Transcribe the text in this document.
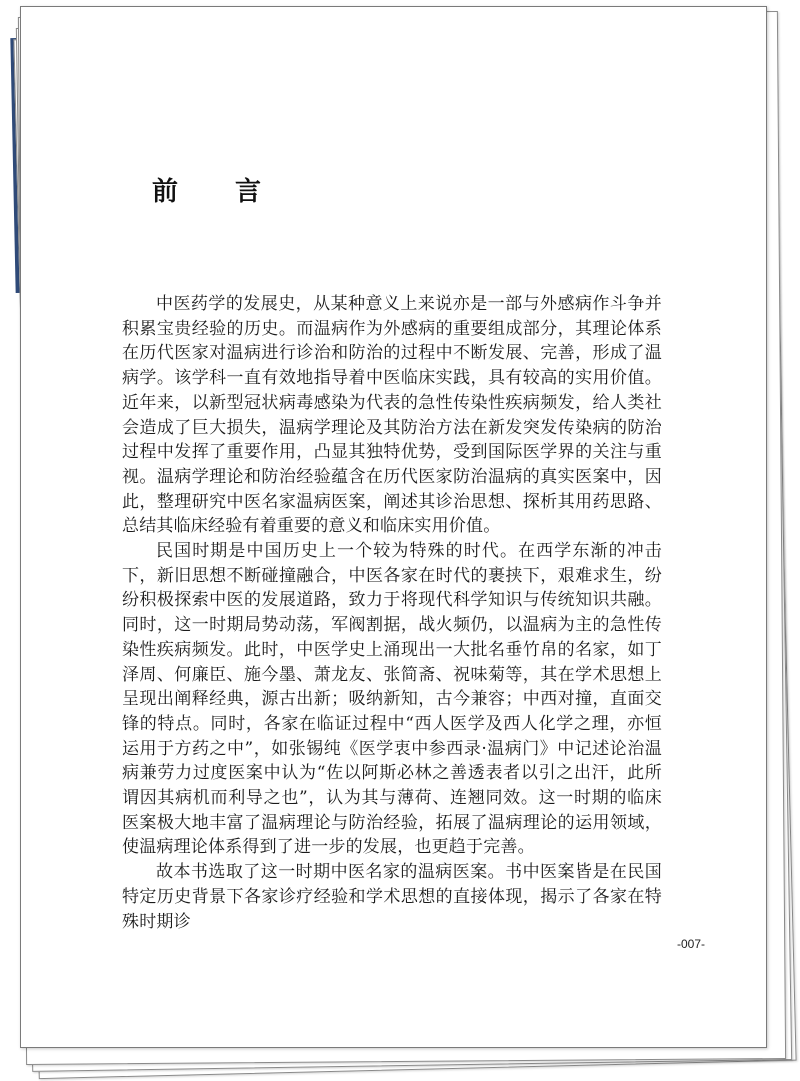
前 言

中医药学的发展史，从某种意义上来说亦是一部与外感病作斗争并积累宝贵经验的历史。而温病作为外感病的重要组成部分，其理论体系在历代医家对温病进行诊治和防治的过程中不断发展、完善，形成了温病学。该学科一直有效地指导着中医临床实践，具有较高的实用价值。近年来，以新型冠状病毒感染为代表的急性传染性疾病频发，给人类社会造成了巨大损失，温病学理论及其防治方法在新发突发传染病的防治过程中发挥了重要作用，凸显其独特优势，受到国际医学界的关注与重视。温病学理论和防治经验蕴含在历代医家防治温病的真实医案中，因此，整理研究中医名家温病医案，阐述其诊治思想、探析其用药思路、总结其临床经验有着重要的意义和临床实用价值。

民国时期是中国历史上一个较为特殊的时代。在西学东渐的冲击下，新旧思想不断碰撞融合，中医各家在时代的裹挟下，艰难求生，纷纷积极探索中医的发展道路，致力于将现代科学知识与传统知识共融。同时，这一时期局势动荡，军阀割据，战火频仍，以温病为主的急性传染性疾病频发。此时，中医学史上涌现出一大批名垂竹帛的名家，如丁泽周、何廉臣、施今墨、萧龙友、张简斋、祝味菊等，其在学术思想上呈现出阐释经典，源古出新；吸纳新知，古今兼容；中西对撞，直面交锋的特点。同时，各家在临证过程中“西人医学及西人化学之理，亦恒运用于方药之中”，如张锡纯《医学衷中参西录·温病门》中记述论治温病兼劳力过度医案中认为“佐以阿斯必林之善透表者以引之出汗，此所谓因其病机而利导之也”，认为其与薄荷、连翘同效。这一时期的临床医案极大地丰富了温病理论与防治经验，拓展了温病理论的运用领域，使温病理论体系得到了进一步的发展，也更趋于完善。

故本书选取了这一时期中医名家的温病医案。书中医案皆是在民国特定历史背景下各家诊疗经验和学术思想的直接体现，揭示了各家在特殊时期诊

-007-
